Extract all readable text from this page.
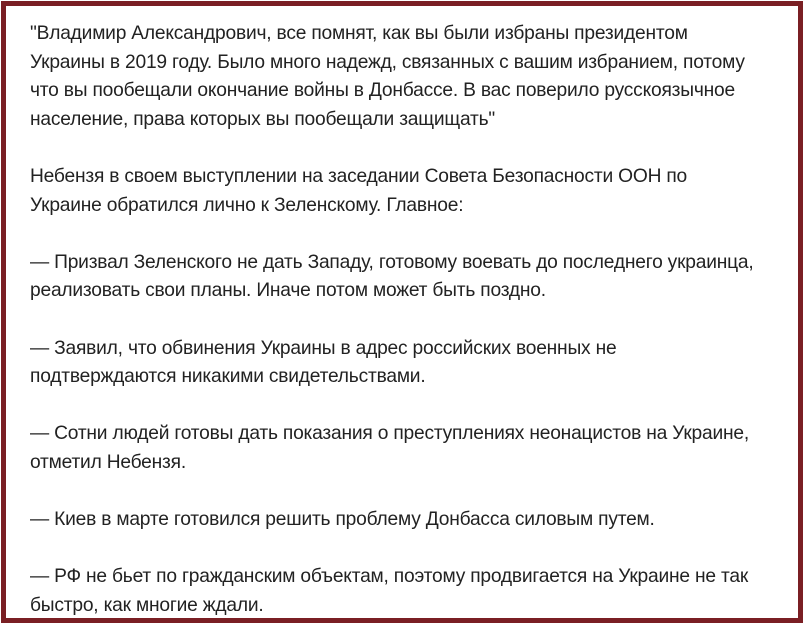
"Владимир Александрович, все помнят, как вы были избраны президентом
Украины в 2019 году. Было много надежд, связанных с вашим избранием, потому
что вы пообещали окончание войны в Донбассе. В вас поверило русскоязычное
население, права которых вы пообещали защищать"

Небензя в своем выступлении на заседании Совета Безопасности ООН по
Украине обратился лично к Зеленскому. Главное:

— Призвал Зеленского не дать Западу, готовому воевать до последнего украинца,
реализовать свои планы. Иначе потом может быть поздно.

— Заявил, что обвинения Украины в адрес российских военных не
подтверждаются никакими свидетельствами.

— Сотни людей готовы дать показания о преступлениях неонацистов на Украине,
отметил Небензя.

— Киев в марте готовился решить проблему Донбасса силовым путем.

— РФ не бьет по гражданским объектам, поэтому продвигается на Украине не так
быстро, как многие ждали.
